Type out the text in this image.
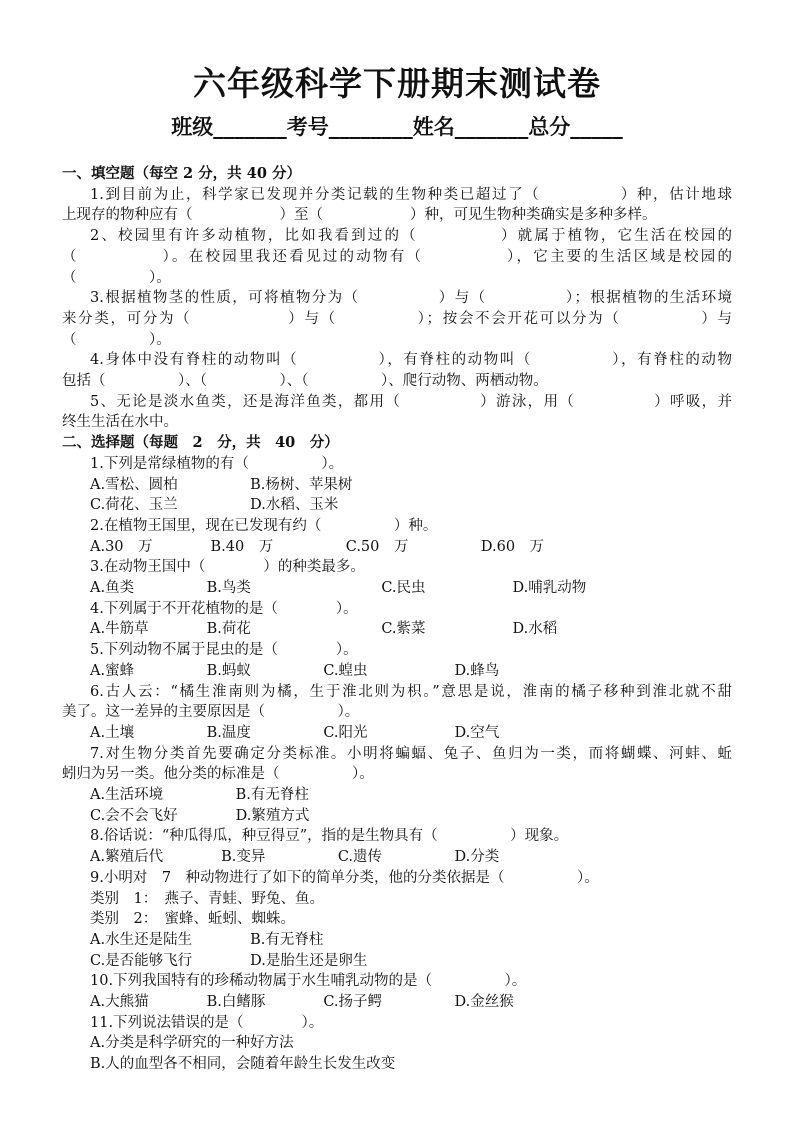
六年级科学下册期末测试卷
班级_______考号________姓名_______总分_____
一、填空题（每空 2 分，共 40 分）
1.到目前为止，科学家已发现并分类记载的生物种类已超过了（　　　　　）种，估计地球
上现存的物种应有（　　　　　　）至（　　　　　　）种，可见生物种类确实是多种多样。
2、校园里有许多动植物，比如我看到过的（　　　　　）就属于植物，它生活在校园的
（　　　　　）。在校园里我还看见过的动物有（　　　　　），它主要的生活区域是校园的
（　　　　　）。
3.根据植物茎的性质，可将植物分为（　　　　　）与（　　　　　）；根据植物的生活环境
来分类，可分为（　　　　　　）与（　　　　　）；按会不会开花可以分为（　　　　　）与
（　　　　　）。
4.身体中没有脊柱的动物叫（　　　　　），有脊柱的动物叫（　　　　　），有脊柱的动物
包括（　　　　　）、（　　　　　）、（　　　　　）、爬行动物、两栖动物。
5、无论是淡水鱼类，还是海洋鱼类，都用（　　　　　）游泳，用（　　　　　）呼吸，并
终生生活在水中。
二、选择题（每题　2　分，共　40　分）
1.下列是常绿植物的有（　　　　　）。
A.雪松、圆柏　　　　　B.杨树、苹果树
C.荷花、玉兰　　　　　D.水稻、玉米
2.在植物王国里，现在已发现有约（　　　　　）种。
A.30　万　　　　B.40　万　　　　　C.50　万　　　　　D.60　万
3.在动物王国中（　　　　）的种类最多。
A.鱼类　　　　　B.鸟类　　　　　　　　　C.民虫　　　　　　D.哺乳动物
4.下列属于不开花植物的是（　　　　）。
A.牛筋草　　　　B.荷花　　　　　　　　　C.紫菜　　　　　　D.水稻
5.下列动物不属于昆虫的是（　　　　）。
A.蜜蜂　　　　　B.蚂蚁　　　　　C.蝗虫　　　　　　D.蜂鸟
6.古人云：“橘生淮南则为橘，生于淮北则为枳。”意思是说，淮南的橘子移种到淮北就不甜
美了。这一差异的主要原因是（　　　　　）。
A.土壤　　　　　B.温度　　　　　C.阳光　　　　　　D.空气
7.对生物分类首先要确定分类标准。小明将蝙蝠、兔子、鱼归为一类，而将蝴蝶、河蚌、蚯
蚓归为另一类。他分类的标准是（　　　　　）。
A.生活环境　　　　　B.有无脊柱
C.会不会飞好　　　　D.繁殖方式
8.俗话说：“种瓜得瓜，种豆得豆”，指的是生物具有（　　　　　）现象。
A.繁殖后代　　　　B.变异　　　　　C.遗传　　　　　D.分类
9.小明对　7　种动物进行了如下的简单分类，他的分类依据是（　　　　　）。
类别　1：　燕子、青蛙、野兔、鱼。
类别　2：　蜜蜂、蚯蚓、蜘蛛。
A.水生还是陆生　　　　B.有无脊柱
C.是否能够飞行　　　　D.是胎生还是卵生
10.下列我国特有的珍稀动物属于水生哺乳动物的是（　　　　　）。
A.大熊猫　　　　B.白鳍豚　　　　C.扬子鳄　　　　　D.金丝猴
11.下列说法错误的是（　　　　）。
A.分类是科学研究的一种好方法
B.人的血型各不相同，会随着年龄生长发生改变
